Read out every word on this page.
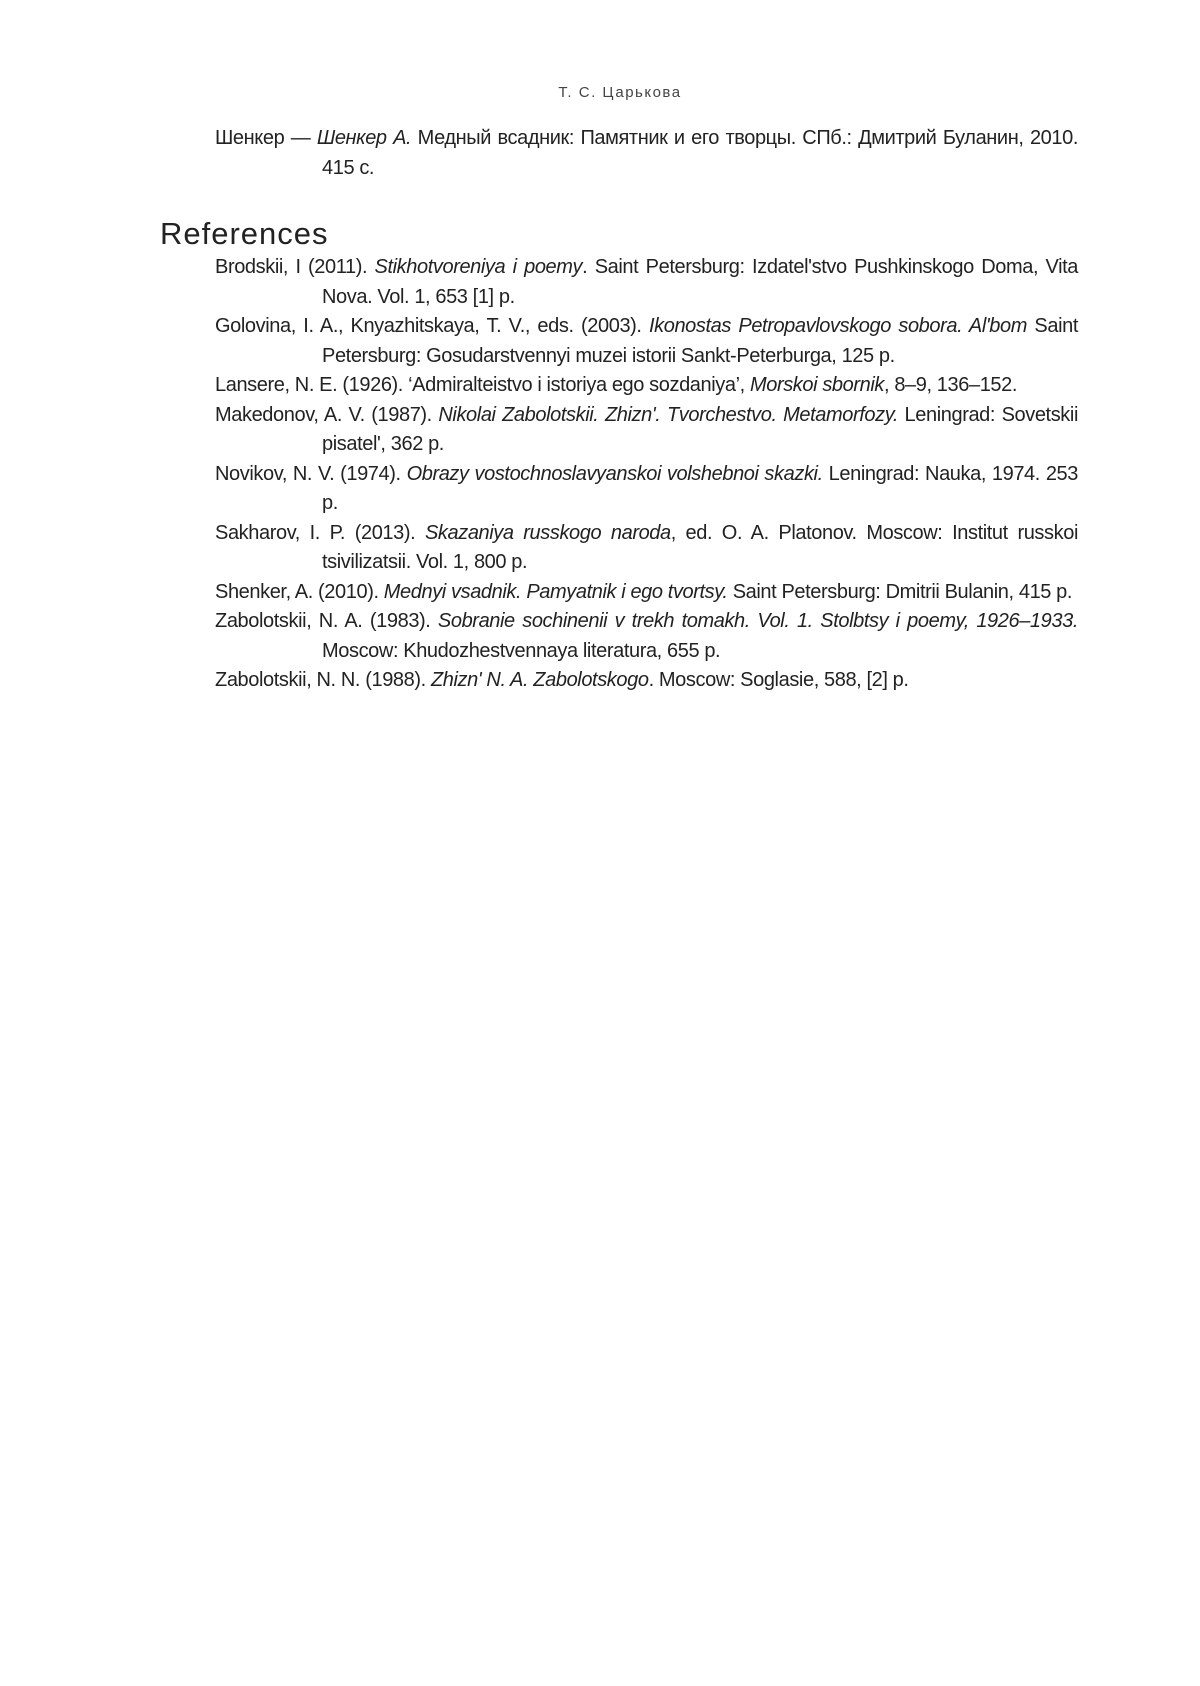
Т. С. Царькова

Шенкер — Шенкер А. Медный всадник: Памятник и его творцы. СПб.: Дмитрий Буланин, 2010. 415 с.

References

Brodskii, I (2011). Stikhotvoreniya i poemy. Saint Petersburg: Izdatel'stvo Pushkinskogo Doma, Vita Nova. Vol. 1, 653 [1] p.

Golovina, I. A., Knyazhitskaya, T. V., eds. (2003). Ikonostas Petropavlovskogo sobora. Al'bom Saint Petersburg: Gosudarstvennyi muzei istorii Sankt-Peterburga, 125 p.

Lansere, N. E. (1926). ‘Admiralteistvo i istoriya ego sozdaniya’, Morskoi sbornik, 8–9, 136–152.

Makedonov, A. V. (1987). Nikolai Zabolotskii. Zhizn'. Tvorchestvo. Metamorfozy. Leningrad: Sovetskii pisatel', 362 p.

Novikov, N. V. (1974). Obrazy vostochnoslavyanskoi volshebnoi skazki. Leningrad: Nauka, 1974. 253 p.

Sakharov, I. P. (2013). Skazaniya russkogo naroda, ed. O. A. Platonov. Moscow: Institut russkoi tsivilizatsii. Vol. 1, 800 p.

Shenker, A. (2010). Mednyi vsadnik. Pamyatnik i ego tvortsy. Saint Petersburg: Dmitrii Bulanin, 415 p.

Zabolotskii, N. A. (1983). Sobranie sochinenii v trekh tomakh. Vol. 1. Stolbtsy i poemy, 1926–1933. Moscow: Khudozhestvennaya literatura, 655 p.

Zabolotskii, N. N. (1988). Zhizn' N. A. Zabolotskogo. Moscow: Soglasie, 588, [2] p.
